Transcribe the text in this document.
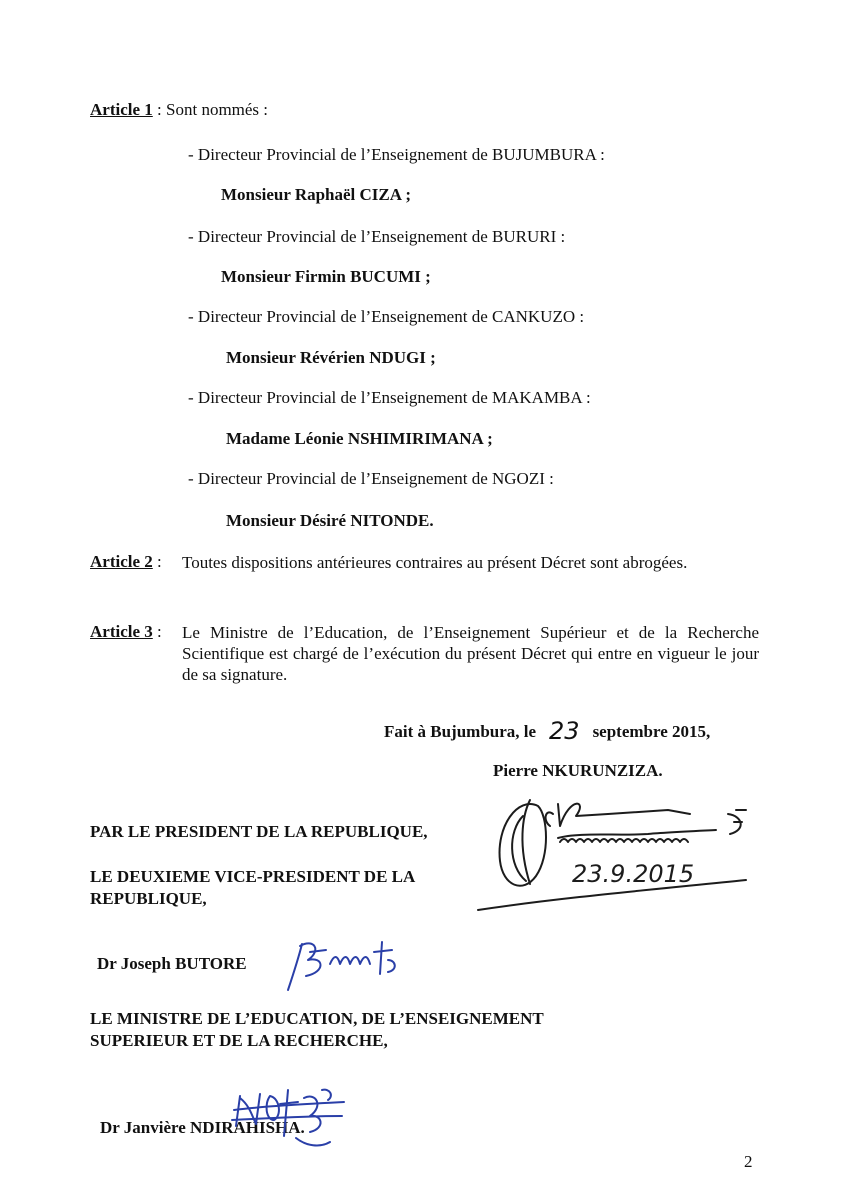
Article 1 : Sont nommés :
- Directeur Provincial de l’Enseignement de BUJUMBURA :
Monsieur Raphaël CIZA ;
- Directeur Provincial de l’Enseignement de BURURI :
Monsieur Firmin BUCUMI ;
- Directeur Provincial de l’Enseignement de CANKUZO :
Monsieur Révérien NDUGI ;
- Directeur Provincial de l’Enseignement de MAKAMBA :
Madame Léonie NSHIMIRIMANA ;
- Directeur Provincial de l’Enseignement de NGOZI :
Monsieur Désiré NITONDE.
Article 2 : Toutes dispositions antérieures contraires au présent Décret sont abrogées.
Article 3 : Le Ministre de l’Education, de l’Enseignement Supérieur et de la Recherche Scientifique est chargé de l’exécution du présent Décret qui entre en vigueur le jour de sa signature.
Fait à Bujumbura, le 23 septembre 2015,
Pierre NKURUNZIZA.
23.9.2015
PAR LE PRESIDENT DE LA REPUBLIQUE,
LE DEUXIEME VICE-PRESIDENT DE LA
REPUBLIQUE,
Dr Joseph BUTORE
LE MINISTRE DE L’EDUCATION, DE L’ENSEIGNEMENT
SUPERIEUR ET DE LA RECHERCHE,
Dr Janvière NDIRAHISHA.
2
